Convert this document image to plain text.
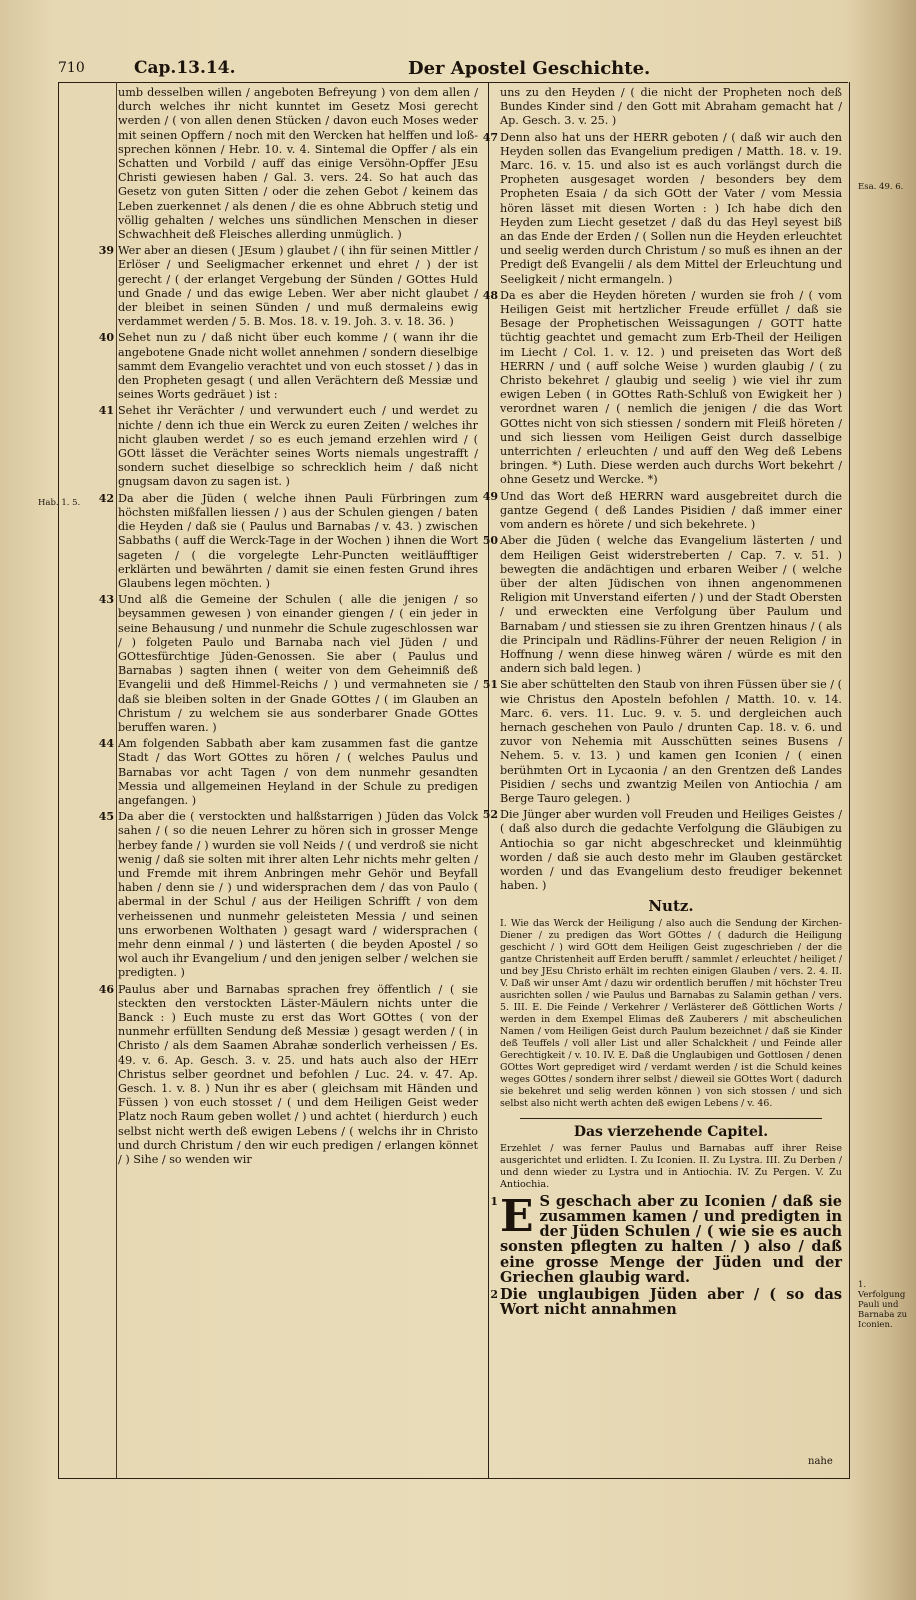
710	Cap.13.14.	Der Apostel Geschichte.
Hab. 1. 5.
Esa. 49. 6.
1. Verfolgung Pauli und Barnaba zu Iconien.
umb desselben willen / angeboten Befreyung ) von dem allen / durch welches ihr nicht kunntet im Gesetz Mosi gerecht werden / ( von allen denen Stücken / davon euch Moses weder mit seinen Opffern / noch mit den Wercken hat helffen und loß-sprechen können / Hebr. 10. v. 4. Sintemal die Opffer / als ein Schatten und Vorbild / auff das einige Versöhn-Opffer JEsu Christi gewiesen haben / Gal. 3. vers. 24. So hat auch das Gesetz von guten Sitten / oder die zehen Gebot / keinem das Leben zuerkennet / als denen / die es ohne Abbruch stetig und völlig gehalten / welches uns sündlichen Menschen in dieser Schwachheit deß Fleisches allerding unmüglich. )
39 Wer aber an diesen ( JEsum ) glaubet / ( ihn für seinen Mittler / Erlöser / und Seeligmacher erkennet und ehret / ) der ist gerecht / ( der erlanget Vergebung der Sünden / GOttes Huld und Gnade / und das ewige Leben. Wer aber nicht glaubet / der bleibet in seinen Sünden / und muß dermaleins ewig verdammet werden / 5. B. Mos. 18. v. 19. Joh. 3. v. 18. 36. )
40 Sehet nun zu / daß nicht über euch komme / ( wann ihr die angebotene Gnade nicht wollet annehmen / sondern dieselbige sammt dem Evangelio verachtet und von euch stosset / ) das in den Propheten gesagt ( und allen Verächtern deß Messiæ und seines Worts gedräuet ) ist :
41 Sehet ihr Verächter / und verwundert euch / und werdet zu nichte / denn ich thue ein Werck zu euren Zeiten / welches ihr nicht glauben werdet / so es euch jemand erzehlen wird / ( GOtt lässet die Verächter seines Worts niemals ungestrafft / sondern suchet dieselbige so schrecklich heim / daß nicht gnugsam davon zu sagen ist. )
42 Da aber die Jüden ( welche ihnen Pauli Fürbringen zum höchsten mißfallen liessen / ) aus der Schulen giengen / baten die Heyden / daß sie ( Paulus und Barnabas / v. 43. ) zwischen Sabbaths ( auff die Werck-Tage in der Wochen ) ihnen die Wort sageten / ( die vorgelegte Lehr-Puncten weitläufftiger erklärten und bewährten / damit sie einen festen Grund ihres Glaubens legen möchten. )
43 Und alß die Gemeine der Schulen ( alle die jenigen / so beysammen gewesen ) von einander giengen / ( ein jeder in seine Behausung / und nunmehr die Schule zugeschlossen war / ) folgeten Paulo und Barnaba nach viel Jüden / und GOttesfürchtige Jüden-Genossen. Sie aber ( Paulus und Barnabas ) sagten ihnen ( weiter von dem Geheimniß deß Evangelii und deß Himmel-Reichs / ) und vermahneten sie / daß sie bleiben solten in der Gnade GOttes / ( im Glauben an Christum / zu welchem sie aus sonderbarer Gnade GOttes beruffen waren. )
44 Am folgenden Sabbath aber kam zusammen fast die gantze Stadt / das Wort GOttes zu hören / ( welches Paulus und Barnabas vor acht Tagen / von dem nunmehr gesandten Messia und allgemeinen Heyland in der Schule zu predigen angefangen. )
45 Da aber die ( verstockten und halßstarrigen ) Jüden das Volck sahen / ( so die neuen Lehrer zu hören sich in grosser Menge herbey fande / ) wurden sie voll Neids / ( und verdroß sie nicht wenig / daß sie solten mit ihrer alten Lehr nichts mehr gelten / und Fremde mit ihrem Anbringen mehr Gehör und Beyfall haben / denn sie / ) und widersprachen dem / das von Paulo ( abermal in der Schul / aus der Heiligen Schrifft / von dem verheissenen und nunmehr geleisteten Messia / und seinen uns erworbenen Wolthaten ) gesagt ward / widersprachen ( mehr denn einmal / ) und lästerten ( die beyden Apostel / so wol auch ihr Evangelium / und den jenigen selber / welchen sie predigten. )
46 Paulus aber und Barnabas sprachen frey öffentlich / ( sie steckten den verstockten Läster-Mäulern nichts unter die Banck : ) Euch muste zu erst das Wort GOttes ( von der nunmehr erfüllten Sendung deß Messiæ ) gesagt werden / ( in Christo / als dem Saamen Abrahæ sonderlich verheissen / Es. 49. v. 6. Ap. Gesch. 3. v. 25. und hats auch also der HErr Christus selber geordnet und befohlen / Luc. 24. v. 47. Ap. Gesch. 1. v. 8. ) Nun ihr es aber ( gleichsam mit Händen und Füssen ) von euch stosset / ( und dem Heiligen Geist weder Platz noch Raum geben wollet / ) und achtet ( hierdurch ) euch selbst nicht werth deß ewigen Lebens / ( welchs ihr in Christo und durch Christum / den wir euch predigen / erlangen könnet / ) Sihe / so wenden wir
uns zu den Heyden / ( die nicht der Propheten noch deß Bundes Kinder sind / den Gott mit Abraham gemacht hat / Ap. Gesch. 3. v. 25. )
47 Denn also hat uns der HERR geboten / ( daß wir auch den Heyden sollen das Evangelium predigen / Matth. 18. v. 19. Marc. 16. v. 15. und also ist es auch vorlängst durch die Propheten ausgesaget worden / besonders bey dem Propheten Esaia / da sich GOtt der Vater / vom Messia hören lässet mit diesen Worten : ) Ich habe dich den Heyden zum Liecht gesetzet / daß du das Heyl seyest biß an das Ende der Erden / ( Sollen nun die Heyden erleuchtet und seelig werden durch Christum / so muß es ihnen an der Predigt deß Evangelii / als dem Mittel der Erleuchtung und Seeligkeit / nicht ermangeln. )
48 Da es aber die Heyden höreten / wurden sie froh / ( vom Heiligen Geist mit hertzlicher Freude erfüllet / daß sie Besage der Prophetischen Weissagungen / GOTT hatte tüchtig geachtet und gemacht zum Erb-Theil der Heiligen im Liecht / Col. 1. v. 12. ) und preiseten das Wort deß HERRN / und ( auff solche Weise ) wurden glaubig / ( zu Christo bekehret / glaubig und seelig ) wie viel ihr zum ewigen Leben ( in GOttes Rath-Schluß von Ewigkeit her ) verordnet waren / ( nemlich die jenigen / die das Wort GOttes nicht von sich stiessen / sondern mit Fleiß höreten / und sich liessen vom Heiligen Geist durch dasselbige unterrichten / erleuchten / und auff den Weg deß Lebens bringen. *) Luth. Diese werden auch durchs Wort bekehrt / ohne Gesetz und Wercke. *)
49 Und das Wort deß HERRN ward ausgebreitet durch die gantze Gegend ( deß Landes Pisidien / daß immer einer vom andern es hörete / und sich bekehrete. )
50 Aber die Jüden ( welche das Evangelium lästerten / und dem Heiligen Geist widerstreberten / Cap. 7. v. 51. ) bewegten die andächtigen und erbaren Weiber / ( welche über der alten Jüdischen von ihnen angenommenen Religion mit Unverstand eiferten / ) und der Stadt Obersten / und erweckten eine Verfolgung über Paulum und Barnabam / und stiessen sie zu ihren Grentzen hinaus / ( als die Principaln und Rädlins-Führer der neuen Religion / in Hoffnung / wenn diese hinweg wären / würde es mit den andern sich bald legen. )
51 Sie aber schüttelten den Staub von ihren Füssen über sie / ( wie Christus den Aposteln befohlen / Matth. 10. v. 14. Marc. 6. vers. 11. Luc. 9. v. 5. und dergleichen auch hernach geschehen von Paulo / drunten Cap. 18. v. 6. und zuvor von Nehemia mit Ausschütten seines Busens / Nehem. 5. v. 13. ) und kamen gen Iconien / ( einen berühmten Ort in Lycaonia / an den Grentzen deß Landes Pisidien / sechs und zwantzig Meilen von Antiochia / am Berge Tauro gelegen. )
52 Die Jünger aber wurden voll Freuden und Heiliges Geistes / ( daß also durch die gedachte Verfolgung die Gläubigen zu Antiochia so gar nicht abgeschrecket und kleinmühtig worden / daß sie auch desto mehr im Glauben gestärcket worden / und das Evangelium desto freudiger bekennet haben. )
Nutz.
I. Wie das Werck der Heiligung / also auch die Sendung der Kirchen-Diener / zu predigen das Wort GOttes / ( dadurch die Heiligung geschicht / ) wird GOtt dem Heiligen Geist zugeschrieben / der die gantze Christenheit auff Erden berufft / sammlet / erleuchtet / heiliget / und bey JEsu Christo erhält im rechten einigen Glauben / vers. 2. 4. II. V. Daß wir unser Amt / dazu wir ordentlich beruffen / mit höchster Treu ausrichten sollen / wie Paulus und Barnabas zu Salamin gethan / vers. 5. III. E. Die Feinde / Verkehrer / Verlästerer deß Göttlichen Worts / werden in dem Exempel Elimas deß Zauberers / mit abscheulichen Namen / vom Heiligen Geist durch Paulum bezeichnet / daß sie Kinder deß Teuffels / voll aller List und aller Schalckheit / und Feinde aller Gerechtigkeit / v. 10. IV. E. Daß die Unglaubigen und Gottlosen / denen GOttes Wort geprediget wird / verdamt werden / ist die Schuld keines weges GOttes / sondern ihrer selbst / dieweil sie GOttes Wort ( dadurch sie bekehret und selig werden können ) von sich stossen / und sich selbst also nicht werth achten deß ewigen Lebens / v. 46.
Das vierzehende Capitel.
Erzehlet / was ferner Paulus und Barnabas auff ihrer Reise ausgerichtet und erlidten. I. Zu Iconien. II. Zu Lystra. III. Zu Derben / und denn wieder zu Lystra und in Antiochia. IV. Zu Pergen. V. Zu Antiochia.
1 E S geschach aber zu Iconien / daß sie zusammen kamen / und predigten in der Jüden Schulen / ( wie sie es auch sonsten pflegten zu halten / ) also / daß eine grosse Menge der Jüden und der Griechen glaubig ward.
2 Die unglaubigen Jüden aber / ( so das Wort nicht annahmen
nahe
